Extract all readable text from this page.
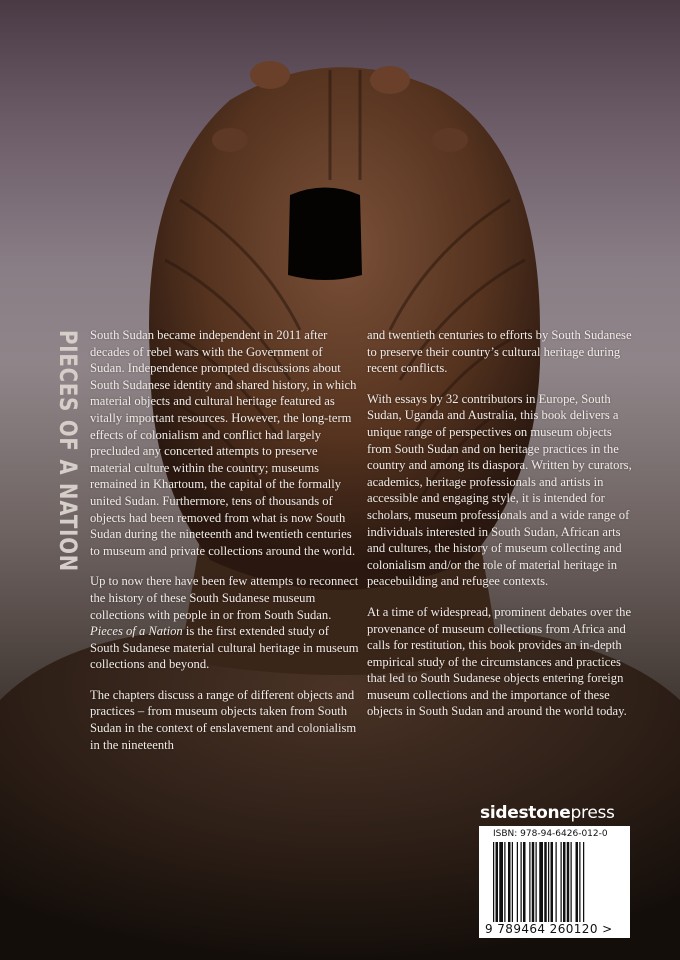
PIECES OF A NATION South Sudan became independent in 2011 after decades of rebel wars with the Government of Sudan. Independence prompted discussions about South Sudanese identity and shared history, in which material objects and cultural heritage featured as vitally important resources. However, the long-term effects of colonialism and conflict had largely precluded any concerted attempts to preserve material culture within the country; museums remained in Khartoum, the capital of the formally united Sudan. Furthermore, tens of thousands of objects had been removed from what is now South Sudan during the nineteenth and twentieth centuries to museum and private collections around the world.

Up to now there have been few attempts to reconnect the history of these South Sudanese museum collections with people in or from South Sudan. Pieces of a Nation is the first extended study of South Sudanese material cultural heritage in museum collections and beyond.

The chapters discuss a range of different objects and practices – from museum objects taken from South Sudan in the context of enslavement and colonialism in the nineteenth

and twentieth centuries to efforts by South Sudanese to preserve their country’s cultural heritage during recent conflicts.

With essays by 32 contributors in Europe, South Sudan, Uganda and Australia, this book delivers a unique range of perspectives on museum objects from South Sudan and on heritage practices in the country and among its diaspora. Written by curators, academics, heritage professionals and artists in accessible and engaging style, it is intended for scholars, museum professionals and a wide range of individuals interested in South Sudan, African arts and cultures, the history of museum collecting and colonialism and/or the role of material heritage in peacebuilding and refugee contexts.

At a time of widespread, prominent debates over the provenance of museum collections from Africa and calls for restitution, this book provides an in-depth empirical study of the circumstances and practices that led to South Sudanese objects entering foreign museum collections and the importance of these objects in South Sudan and around the world today.

sidestonepress
ISBN: 978-94-6426-012-0
9 789464 260120 >
